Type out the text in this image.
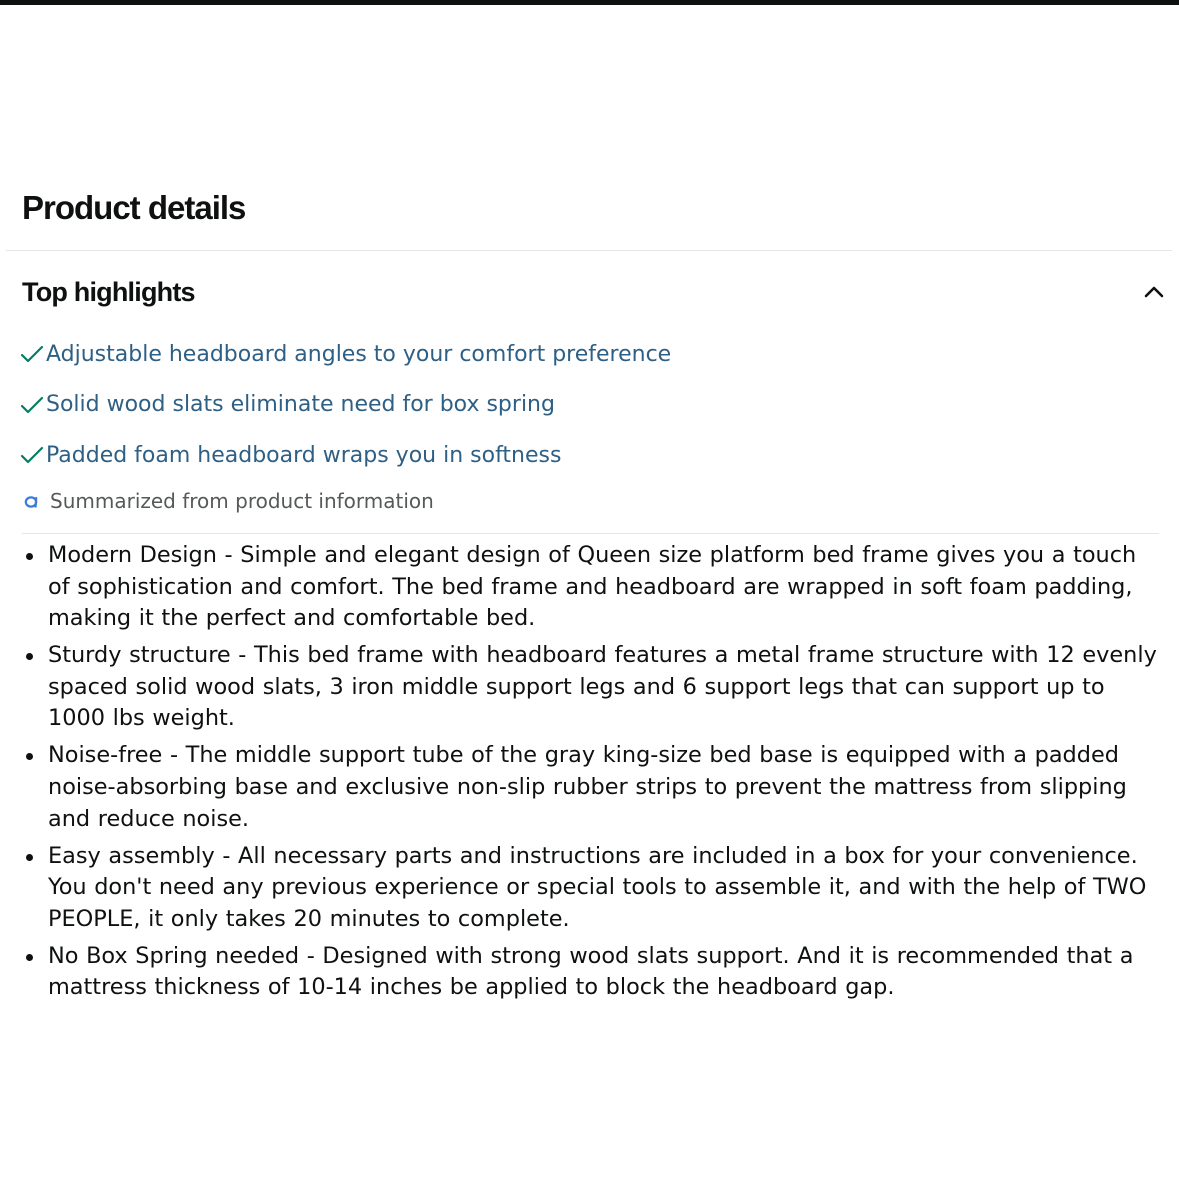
Product details
Top highlights
Adjustable headboard angles to your comfort preference
Solid wood slats eliminate need for box spring
Padded foam headboard wraps you in softness
Summarized from product information
Modern Design - Simple and elegant design of Queen size platform bed frame gives you a touch of sophistication and comfort. The bed frame and headboard are wrapped in soft foam padding, making it the perfect and comfortable bed.
Sturdy structure - This bed frame with headboard features a metal frame structure with 12 evenly spaced solid wood slats, 3 iron middle support legs and 6 support legs that can support up to 1000 lbs weight.
Noise-free - The middle support tube of the gray king-size bed base is equipped with a padded noise-absorbing base and exclusive non-slip rubber strips to prevent the mattress from slipping and reduce noise.
Easy assembly - All necessary parts and instructions are included in a box for your convenience. You don't need any previous experience or special tools to assemble it, and with the help of TWO PEOPLE, it only takes 20 minutes to complete.
No Box Spring needed - Designed with strong wood slats support. And it is recommended that a mattress thickness of 10-14 inches be applied to block the headboard gap.
